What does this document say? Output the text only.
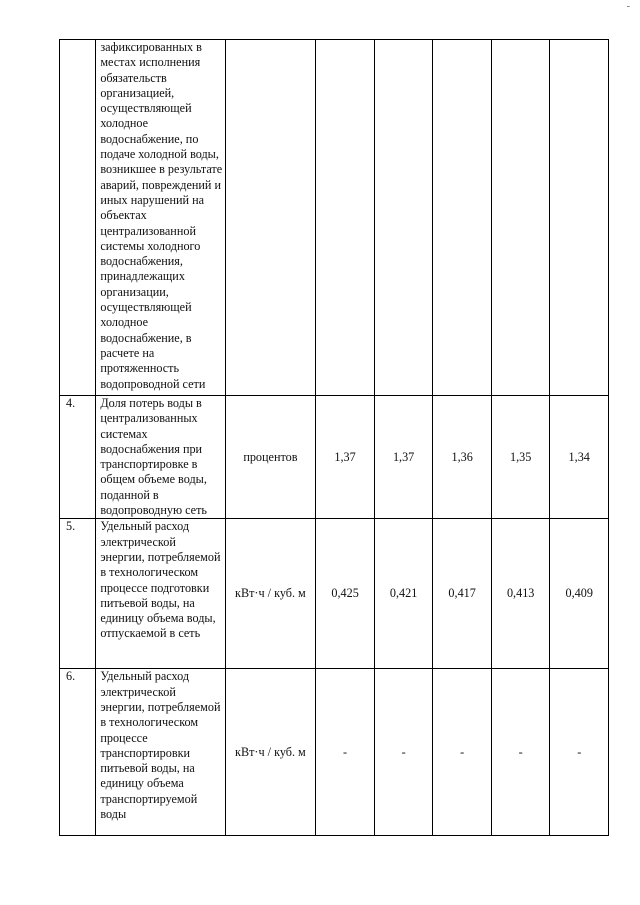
-
	зафиксированных в местах исполнения обязательств организацией, осуществляющей холодное водоснабжение, по подаче холодной воды, возникшее в результате аварий, повреждений и иных нарушений на объектах централизованной системы холодного водоснабжения, принадлежащих организации, осуществляющей холодное водоснабжение, в расчете на протяженность водопроводной сети						
4.	Доля потерь воды в централизованных системах водоснабжения при транспортировке в общем объеме воды, поданной в водопроводную сеть	процентов	1,37	1,37	1,36	1,35	1,34
5.	Удельный расход электрической энергии, потребляемой в технологическом процессе подготовки питьевой воды, на единицу объема воды, отпускаемой в сеть	кВт·ч / куб. м	0,425	0,421	0,417	0,413	0,409
6.	Удельный расход электрической энергии, потребляемой в технологическом процессе транспортировки питьевой воды, на единицу объема транспортируемой воды	кВт·ч / куб. м	-	-	-	-	-
